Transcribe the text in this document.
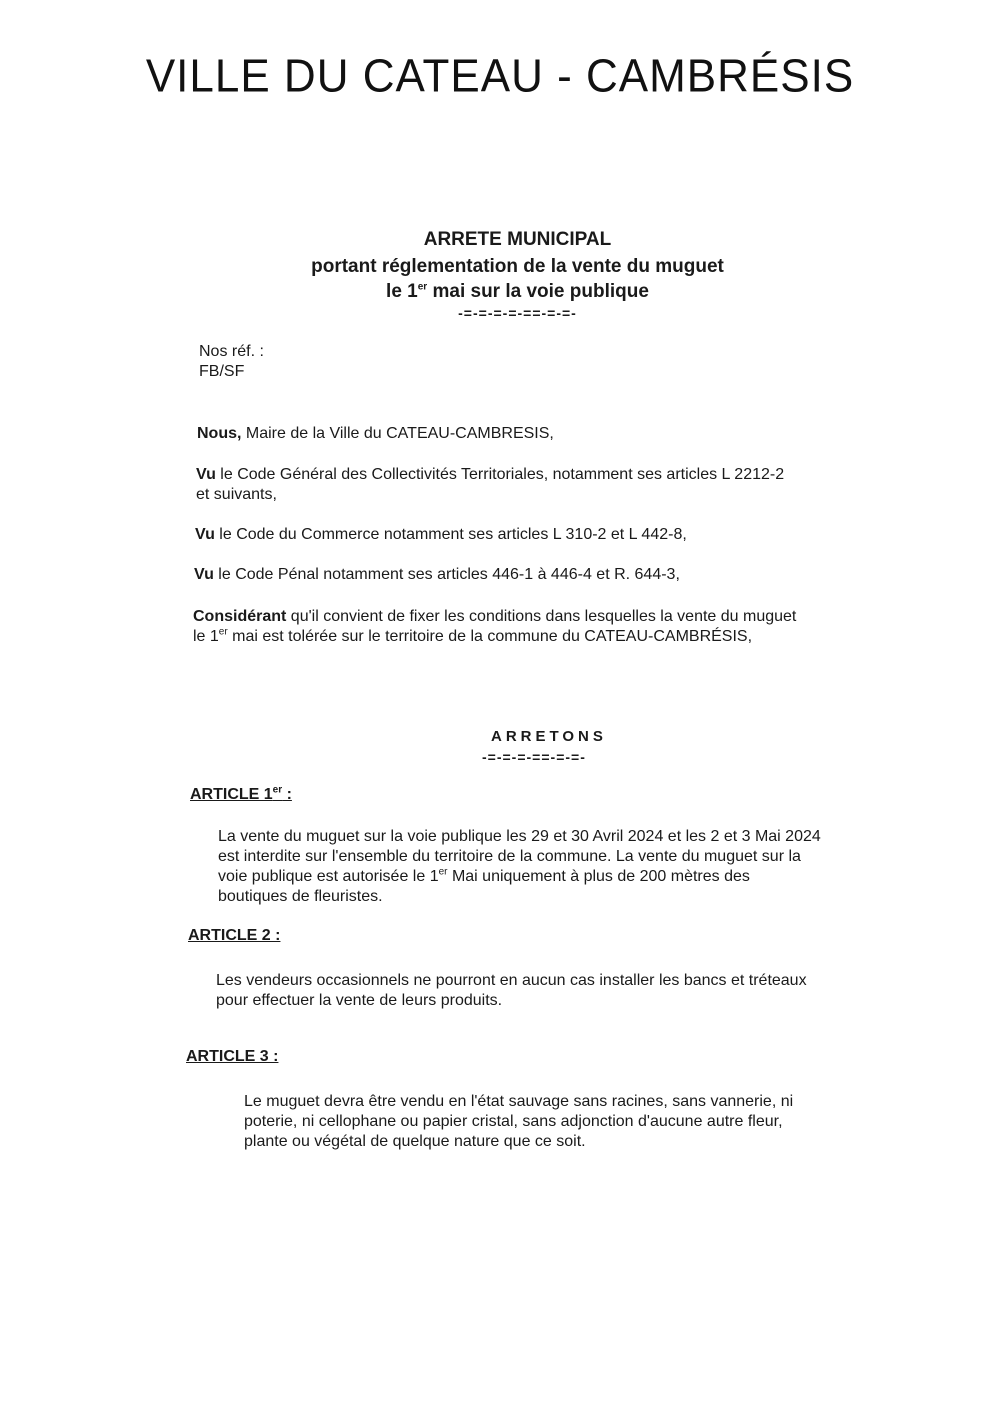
VILLE DU CATEAU - CAMBRÉSIS
ARRETE MUNICIPAL
portant réglementation de la vente du muguet
le 1er mai sur la voie publique
-=-=-=-=-==-=-=-
Nos réf. :
FB/SF
Nous, Maire de la Ville du CATEAU-CAMBRESIS,
Vu le Code Général des Collectivités Territoriales, notamment ses articles L 2212-2
et suivants,
Vu le Code du Commerce notamment ses articles L 310-2 et L 442-8,
Vu le Code Pénal notamment ses articles 446-1 à 446-4 et R. 644-3,
Considérant qu'il convient de fixer les conditions dans lesquelles la vente du muguet
le 1er mai est tolérée sur le territoire de la commune du CATEAU-CAMBRÉSIS,
ARRETONS
-=-=-=-==-=-=-
ARTICLE 1er :
La vente du muguet sur la voie publique les 29 et 30 Avril 2024 et les 2 et 3 Mai 2024
est interdite sur l'ensemble du territoire de la commune. La vente du muguet sur la
voie publique est autorisée le 1er Mai uniquement à plus de 200 mètres des
boutiques de fleuristes.
ARTICLE 2 :
Les vendeurs occasionnels ne pourront en aucun cas installer les bancs et tréteaux
pour effectuer la vente de leurs produits.
ARTICLE 3 :
Le muguet devra être vendu en l'état sauvage sans racines, sans vannerie, ni
poterie, ni cellophane ou papier cristal, sans adjonction d'aucune autre fleur,
plante ou végétal de quelque nature que ce soit.
